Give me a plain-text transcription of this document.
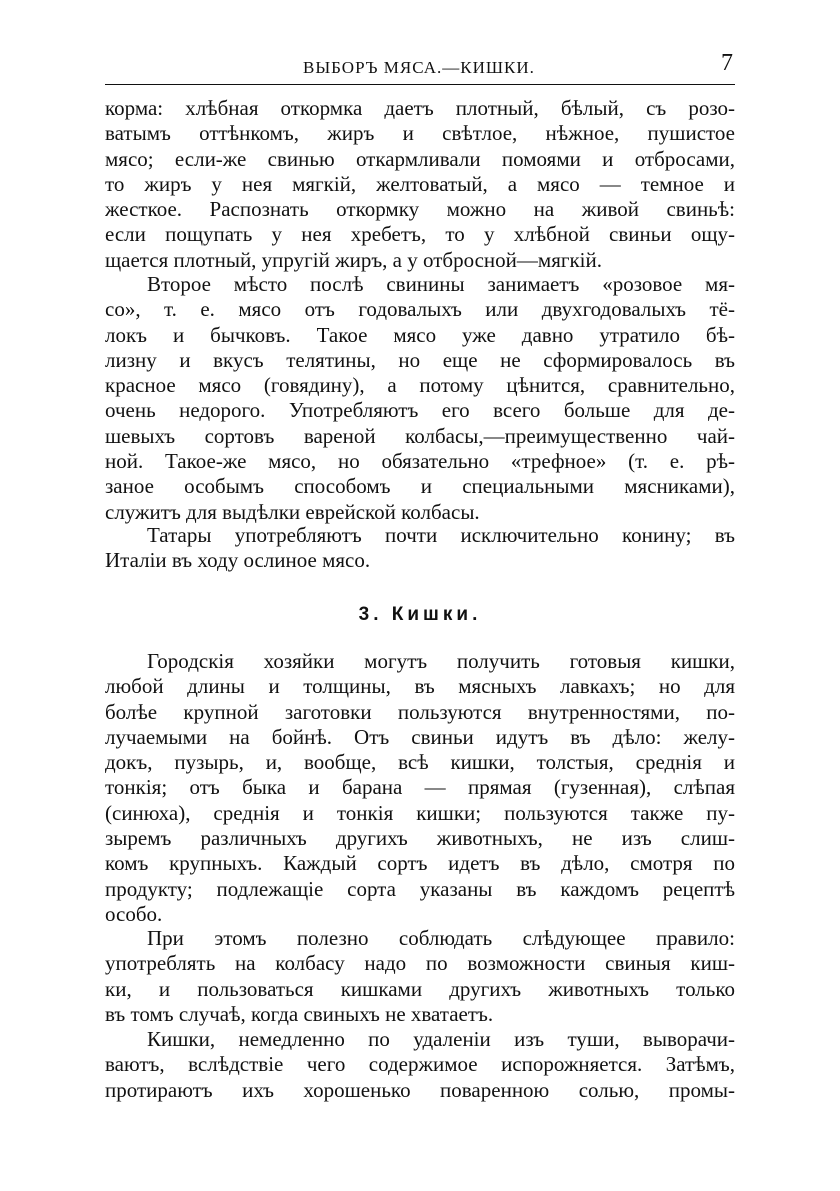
ВЫБОРЪ МЯСА.—КИШКИ.	7
корма: хлѣбная откормка даетъ плотный, бѣлый, съ розо-
ватымъ оттѣнкомъ, жиръ и свѣтлое, нѣжное, пушистое
мясо; если-же свинью откармливали помоями и отбросами,
то жиръ у нея мягкій, желтоватый, а мясо — темное и
жесткое. Распознать откормку можно на живой свиньѣ:
если пощупать у нея хребетъ, то у хлѣбной свиньи ощу-
щается плотный, упругій жиръ, а у отбросной—мягкій.
Второе мѣсто послѣ свинины занимаетъ «розовое мя-
со», т. е. мясо отъ годовалыхъ или двухгодовалыхъ тё-
локъ и бычковъ. Такое мясо уже давно утратило бѣ-
лизну и вкусъ телятины, но еще не сформировалось въ
красное мясо (говядину), а потому цѣнится, сравнительно,
очень недорого. Употребляютъ его всего больше для де-
шевыхъ сортовъ вареной колбасы,—преимущественно чай-
ной. Такое-же мясо, но обязательно «трефное» (т. е. рѣ-
заное особымъ способомъ и специальными мясниками),
служитъ для выдѣлки еврейской колбасы.
Татары употребляютъ почти исключительно конину; въ
Италіи въ ходу ослиное мясо.
3. Кишки.
Городскія хозяйки могутъ получить готовыя кишки,
любой длины и толщины, въ мясныхъ лавкахъ; но для
болѣе крупной заготовки пользуются внутренностями, по-
лучаемыми на бойнѣ. Отъ свиньи идутъ въ дѣло: желу-
докъ, пузырь, и, вообще, всѣ кишки, толстыя, среднія и
тонкія; отъ быка и барана — прямая (гузенная), слѣпая
(синюха), среднія и тонкія кишки; пользуются также пу-
зыремъ различныхъ другихъ животныхъ, не изъ слиш-
комъ крупныхъ. Каждый сортъ идетъ въ дѣло, смотря по
продукту; подлежащіе сорта указаны въ каждомъ рецептѣ
особо.
При этомъ полезно соблюдать слѣдующее правило:
употреблять на колбасу надо по возможности свиныя киш-
ки, и пользоваться кишками другихъ животныхъ только
въ томъ случаѣ, когда свиныхъ не хватаетъ.
Кишки, немедленно по удаленіи изъ туши, выворачи-
ваютъ, вслѣдствіе чего содержимое испорожняется. Затѣмъ,
протираютъ ихъ хорошенько поваренною солью, промы-
